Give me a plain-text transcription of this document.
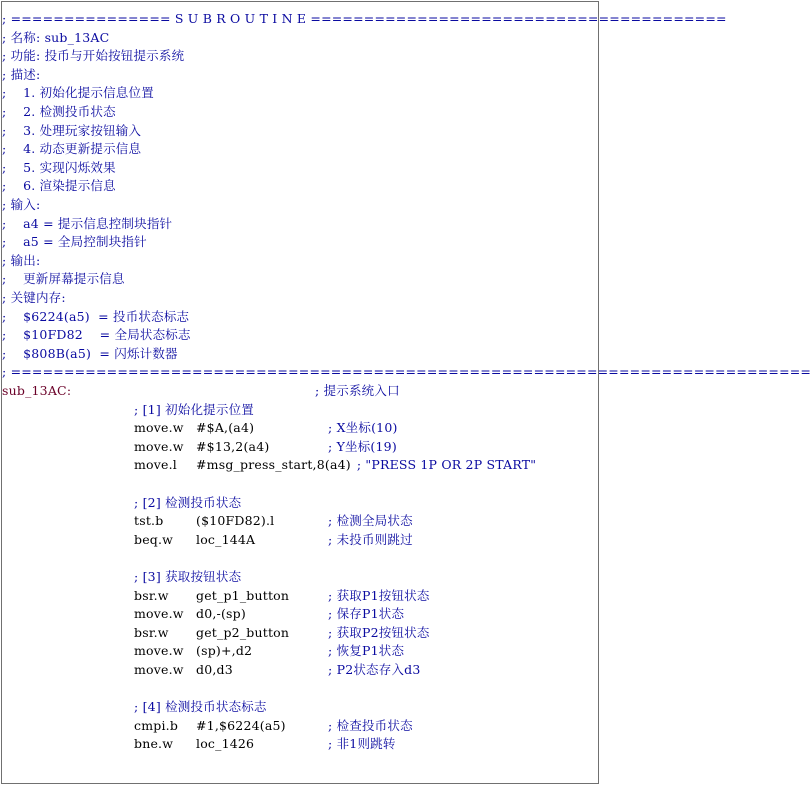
; =============== S U B R O U T I N E =======================================
; 名称: sub_13AC
; 功能: 投币与开始按钮提示系统
; 描述:
;    1. 初始化提示信息位置
;    2. 检测投币状态
;    3. 处理玩家按钮输入
;    4. 动态更新提示信息
;    5. 实现闪烁效果
;    6. 渲染提示信息
; 输入:
;    a4 = 提示信息控制块指针
;    a5 = 全局控制块指针
; 输出:
;    更新屏幕提示信息
; 关键内存:
;    $6224(a5)  = 投币状态标志
;    $10FD82    = 全局状态标志
;    $808B(a5)  = 闪烁计数器
; ===========================================================================
sub_13AC:	; 提示系统入口
; [1] 初始化提示位置
move.w #$A,(a4)	; X坐标(10)
move.w #$13,2(a4)	; Y坐标(19)
move.l #msg_press_start,8(a4) ; "PRESS 1P OR 2P START"
; [2] 检测投币状态
tst.b	($10FD82).l	; 检测全局状态
beq.w loc_144A	; 未投币则跳过
; [3] 获取按钮状态
bsr.w get_p1_button	; 获取P1按钮状态
move.w d0,-(sp)	; 保存P1状态
bsr.w get_p2_button	; 获取P2按钮状态
move.w (sp)+,d2	; 恢复P1状态
move.w d0,d3	; P2状态存入d3
; [4] 检测投币状态标志
cmpi.b #1,$6224(a5)	; 检查投币状态
bne.w loc_1426	; 非1则跳转
